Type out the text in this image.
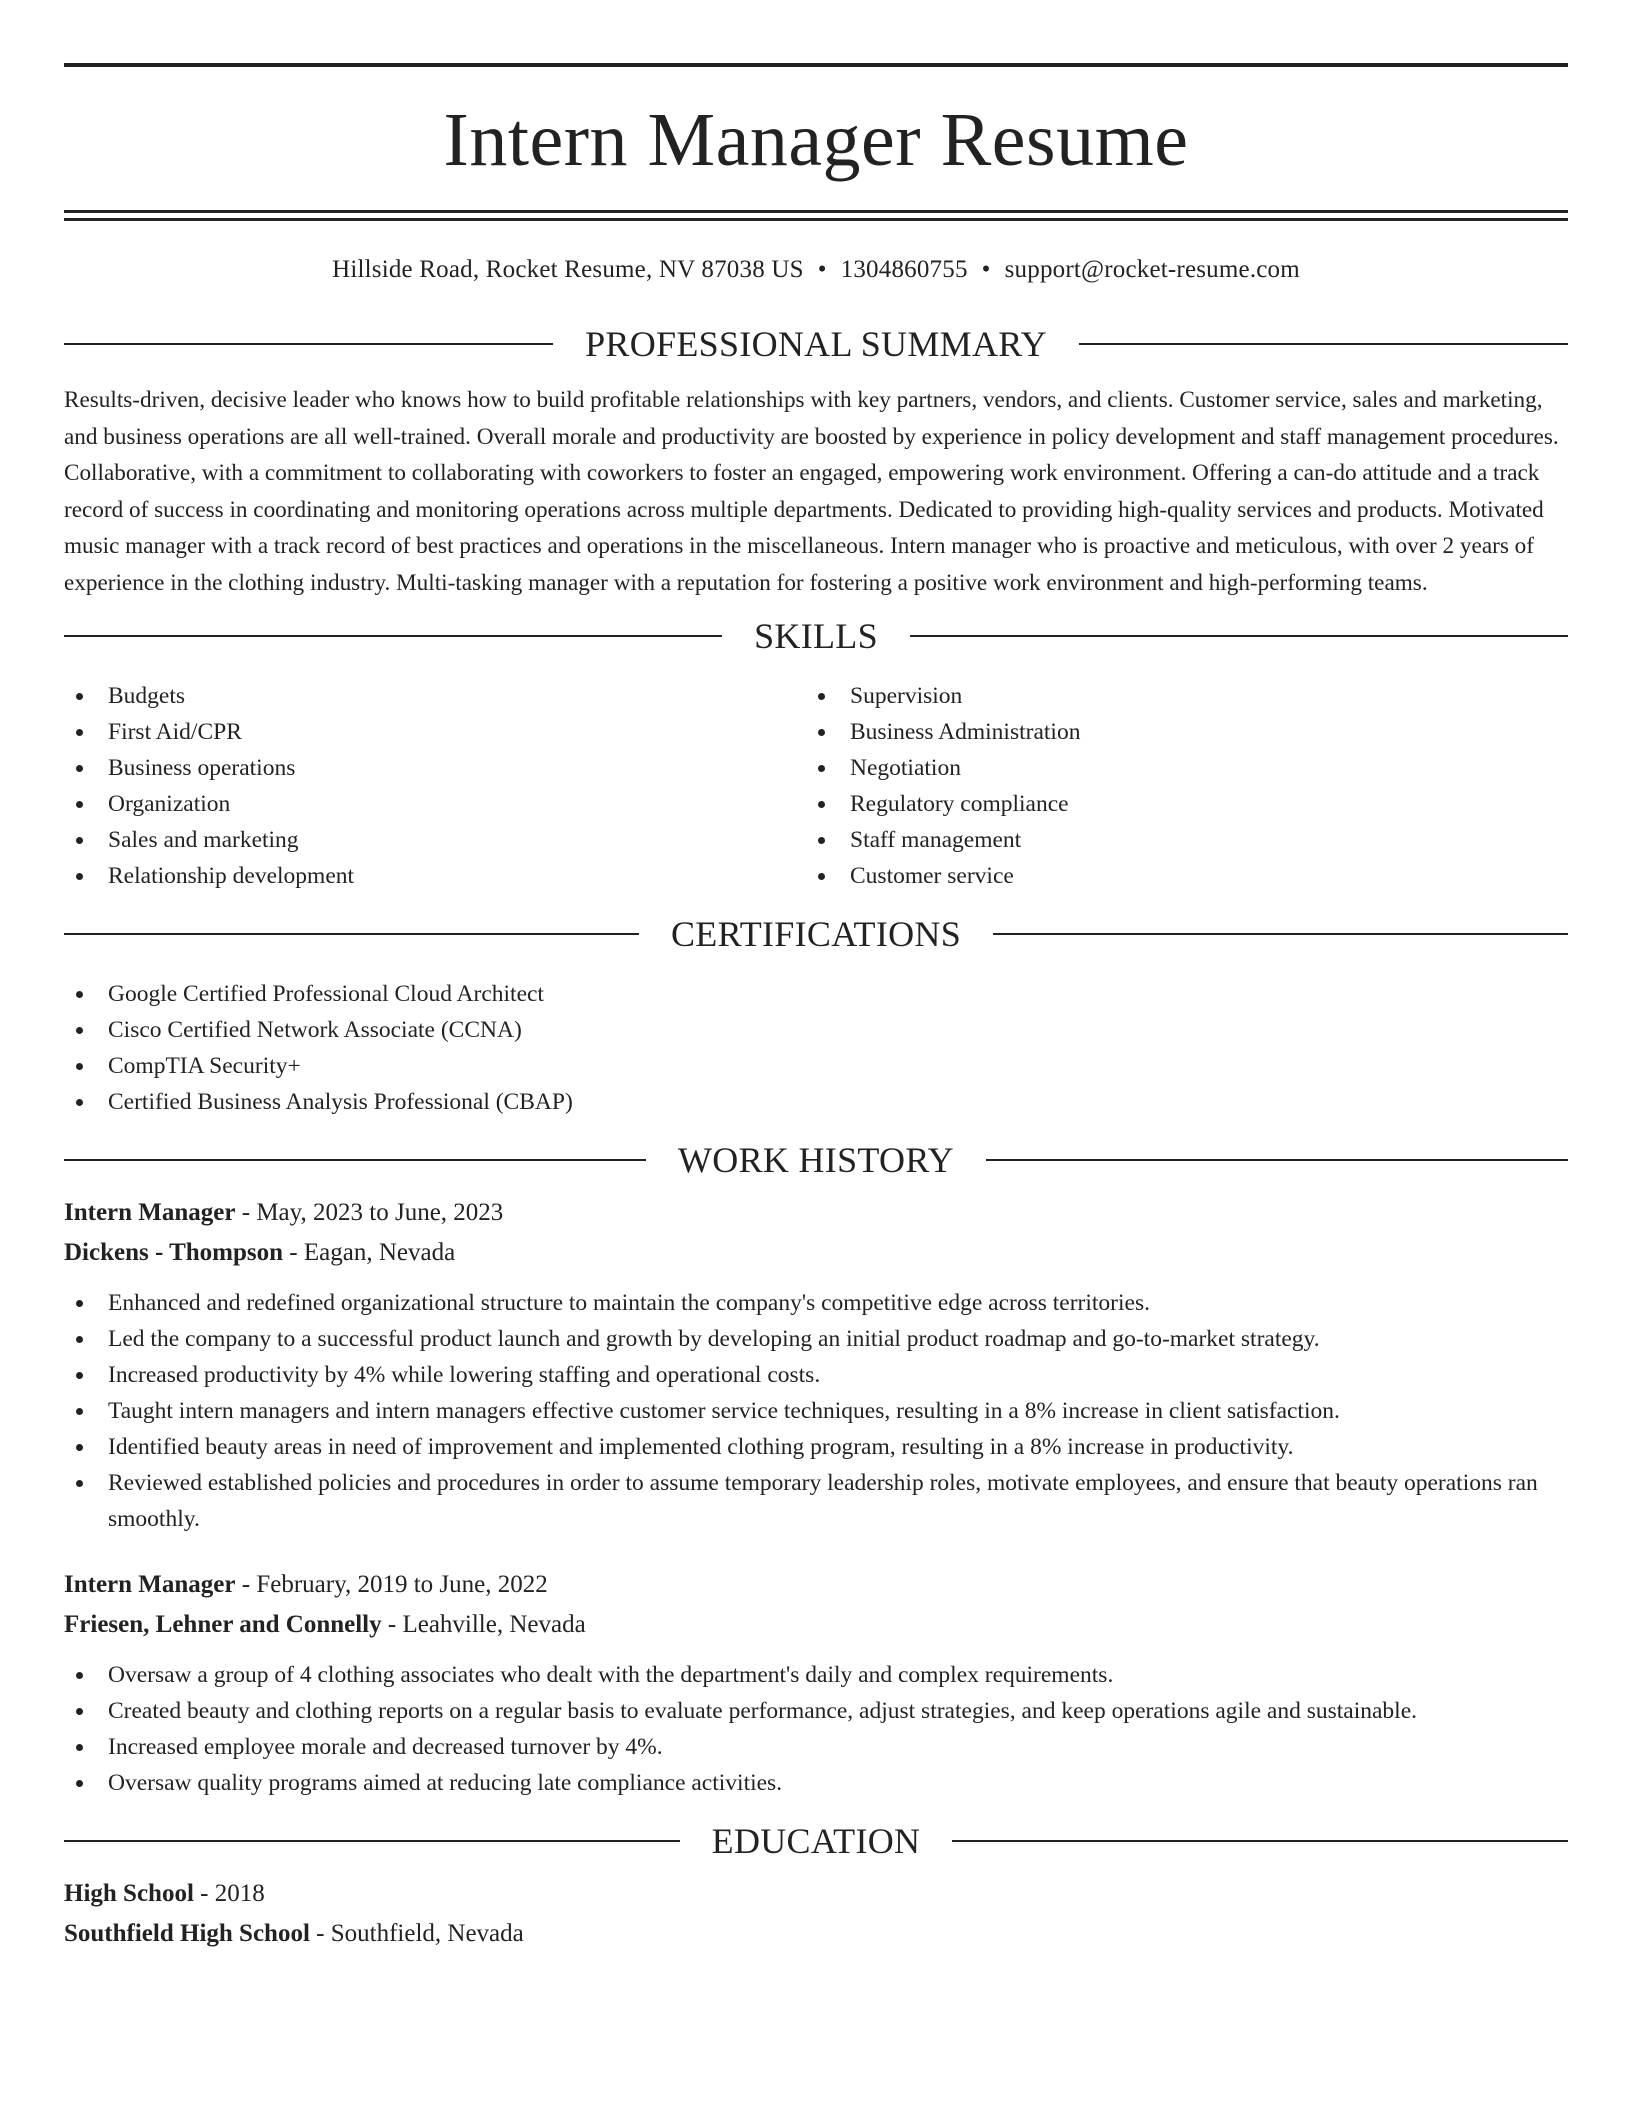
Intern Manager Resume
Hillside Road, Rocket Resume, NV 87038 US • 1304860755 • support@rocket-resume.com
PROFESSIONAL SUMMARY

Results-driven, decisive leader who knows how to build profitable relationships with key partners, vendors, and clients. Customer service, sales and marketing, and business operations are all well-trained. Overall morale and productivity are boosted by experience in policy development and staff management procedures. Collaborative, with a commitment to collaborating with coworkers to foster an engaged, empowering work environment. Offering a can-do attitude and a track record of success in coordinating and monitoring operations across multiple departments. Dedicated to providing high-quality services and products. Motivated music manager with a track record of best practices and operations in the miscellaneous. Intern manager who is proactive and meticulous, with over 2 years of experience in the clothing industry. Multi-tasking manager with a reputation for fostering a positive work environment and high-performing teams.

SKILLS
Budgets
First Aid/CPR
Business operations
Organization
Sales and marketing
Relationship development
Supervision
Business Administration
Negotiation
Regulatory compliance
Staff management
Customer service
CERTIFICATIONS
Google Certified Professional Cloud Architect
Cisco Certified Network Associate (CCNA)
CompTIA Security+
Certified Business Analysis Professional (CBAP)
WORK HISTORY
Intern Manager - May, 2023 to June, 2023
Dickens - Thompson - Eagan, Nevada
Enhanced and redefined organizational structure to maintain the company's competitive edge across territories.
Led the company to a successful product launch and growth by developing an initial product roadmap and go-to-market strategy.
Increased productivity by 4% while lowering staffing and operational costs.
Taught intern managers and intern managers effective customer service techniques, resulting in a 8% increase in client satisfaction.
Identified beauty areas in need of improvement and implemented clothing program, resulting in a 8% increase in productivity.
Reviewed established policies and procedures in order to assume temporary leadership roles, motivate employees, and ensure that beauty operations ran smoothly.
Intern Manager - February, 2019 to June, 2022
Friesen, Lehner and Connelly - Leahville, Nevada
Oversaw a group of 4 clothing associates who dealt with the department's daily and complex requirements.
Created beauty and clothing reports on a regular basis to evaluate performance, adjust strategies, and keep operations agile and sustainable.
Increased employee morale and decreased turnover by 4%.
Oversaw quality programs aimed at reducing late compliance activities.
EDUCATION
High School - 2018
Southfield High School - Southfield, Nevada
